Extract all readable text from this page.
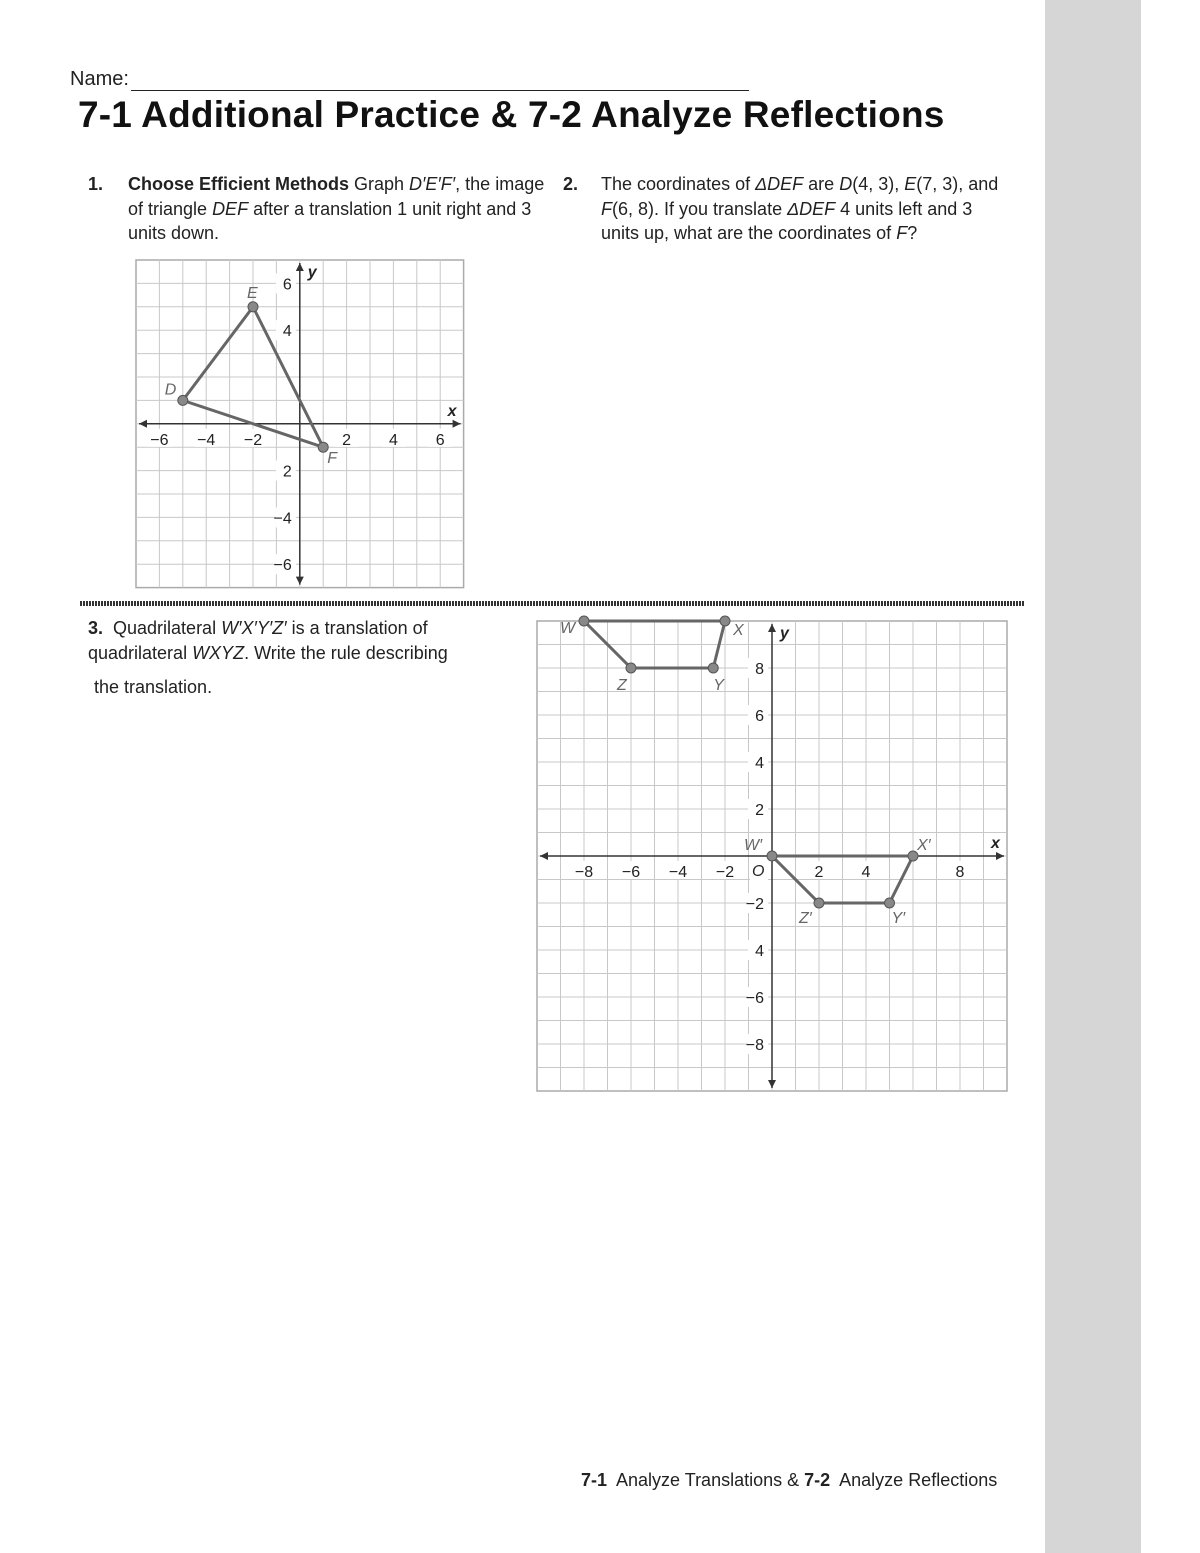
Name:
7-1 Additional Practice & 7-2 Analyze Reflections
1. Choose Efficient Methods Graph D′E′F′, the image of triangle DEF after a translation 1 unit right and 3 units down.
2. The coordinates of ΔDEF are D(4, 3), E(7, 3), and F(6, 8). If you translate ΔDEF 4 units left and 3 units up, what are the coordinates of F?
x
y
−6 −4 −2	2 4 6
6
4
2
−4
−6
D
E
F
3.  Quadrilateral W′X′Y′Z′ is a translation of
quadrilateral WXYZ. Write the rule describing
the translation.
x
y
−8 −6 −4 −2	2 4	8
8
6
4
2
−2
4
−6
−8
O
W	X
Y
Z
W′	X′
Y′
Z′
7-1  Analyze Translations & 7-2  Analyze Reflections
